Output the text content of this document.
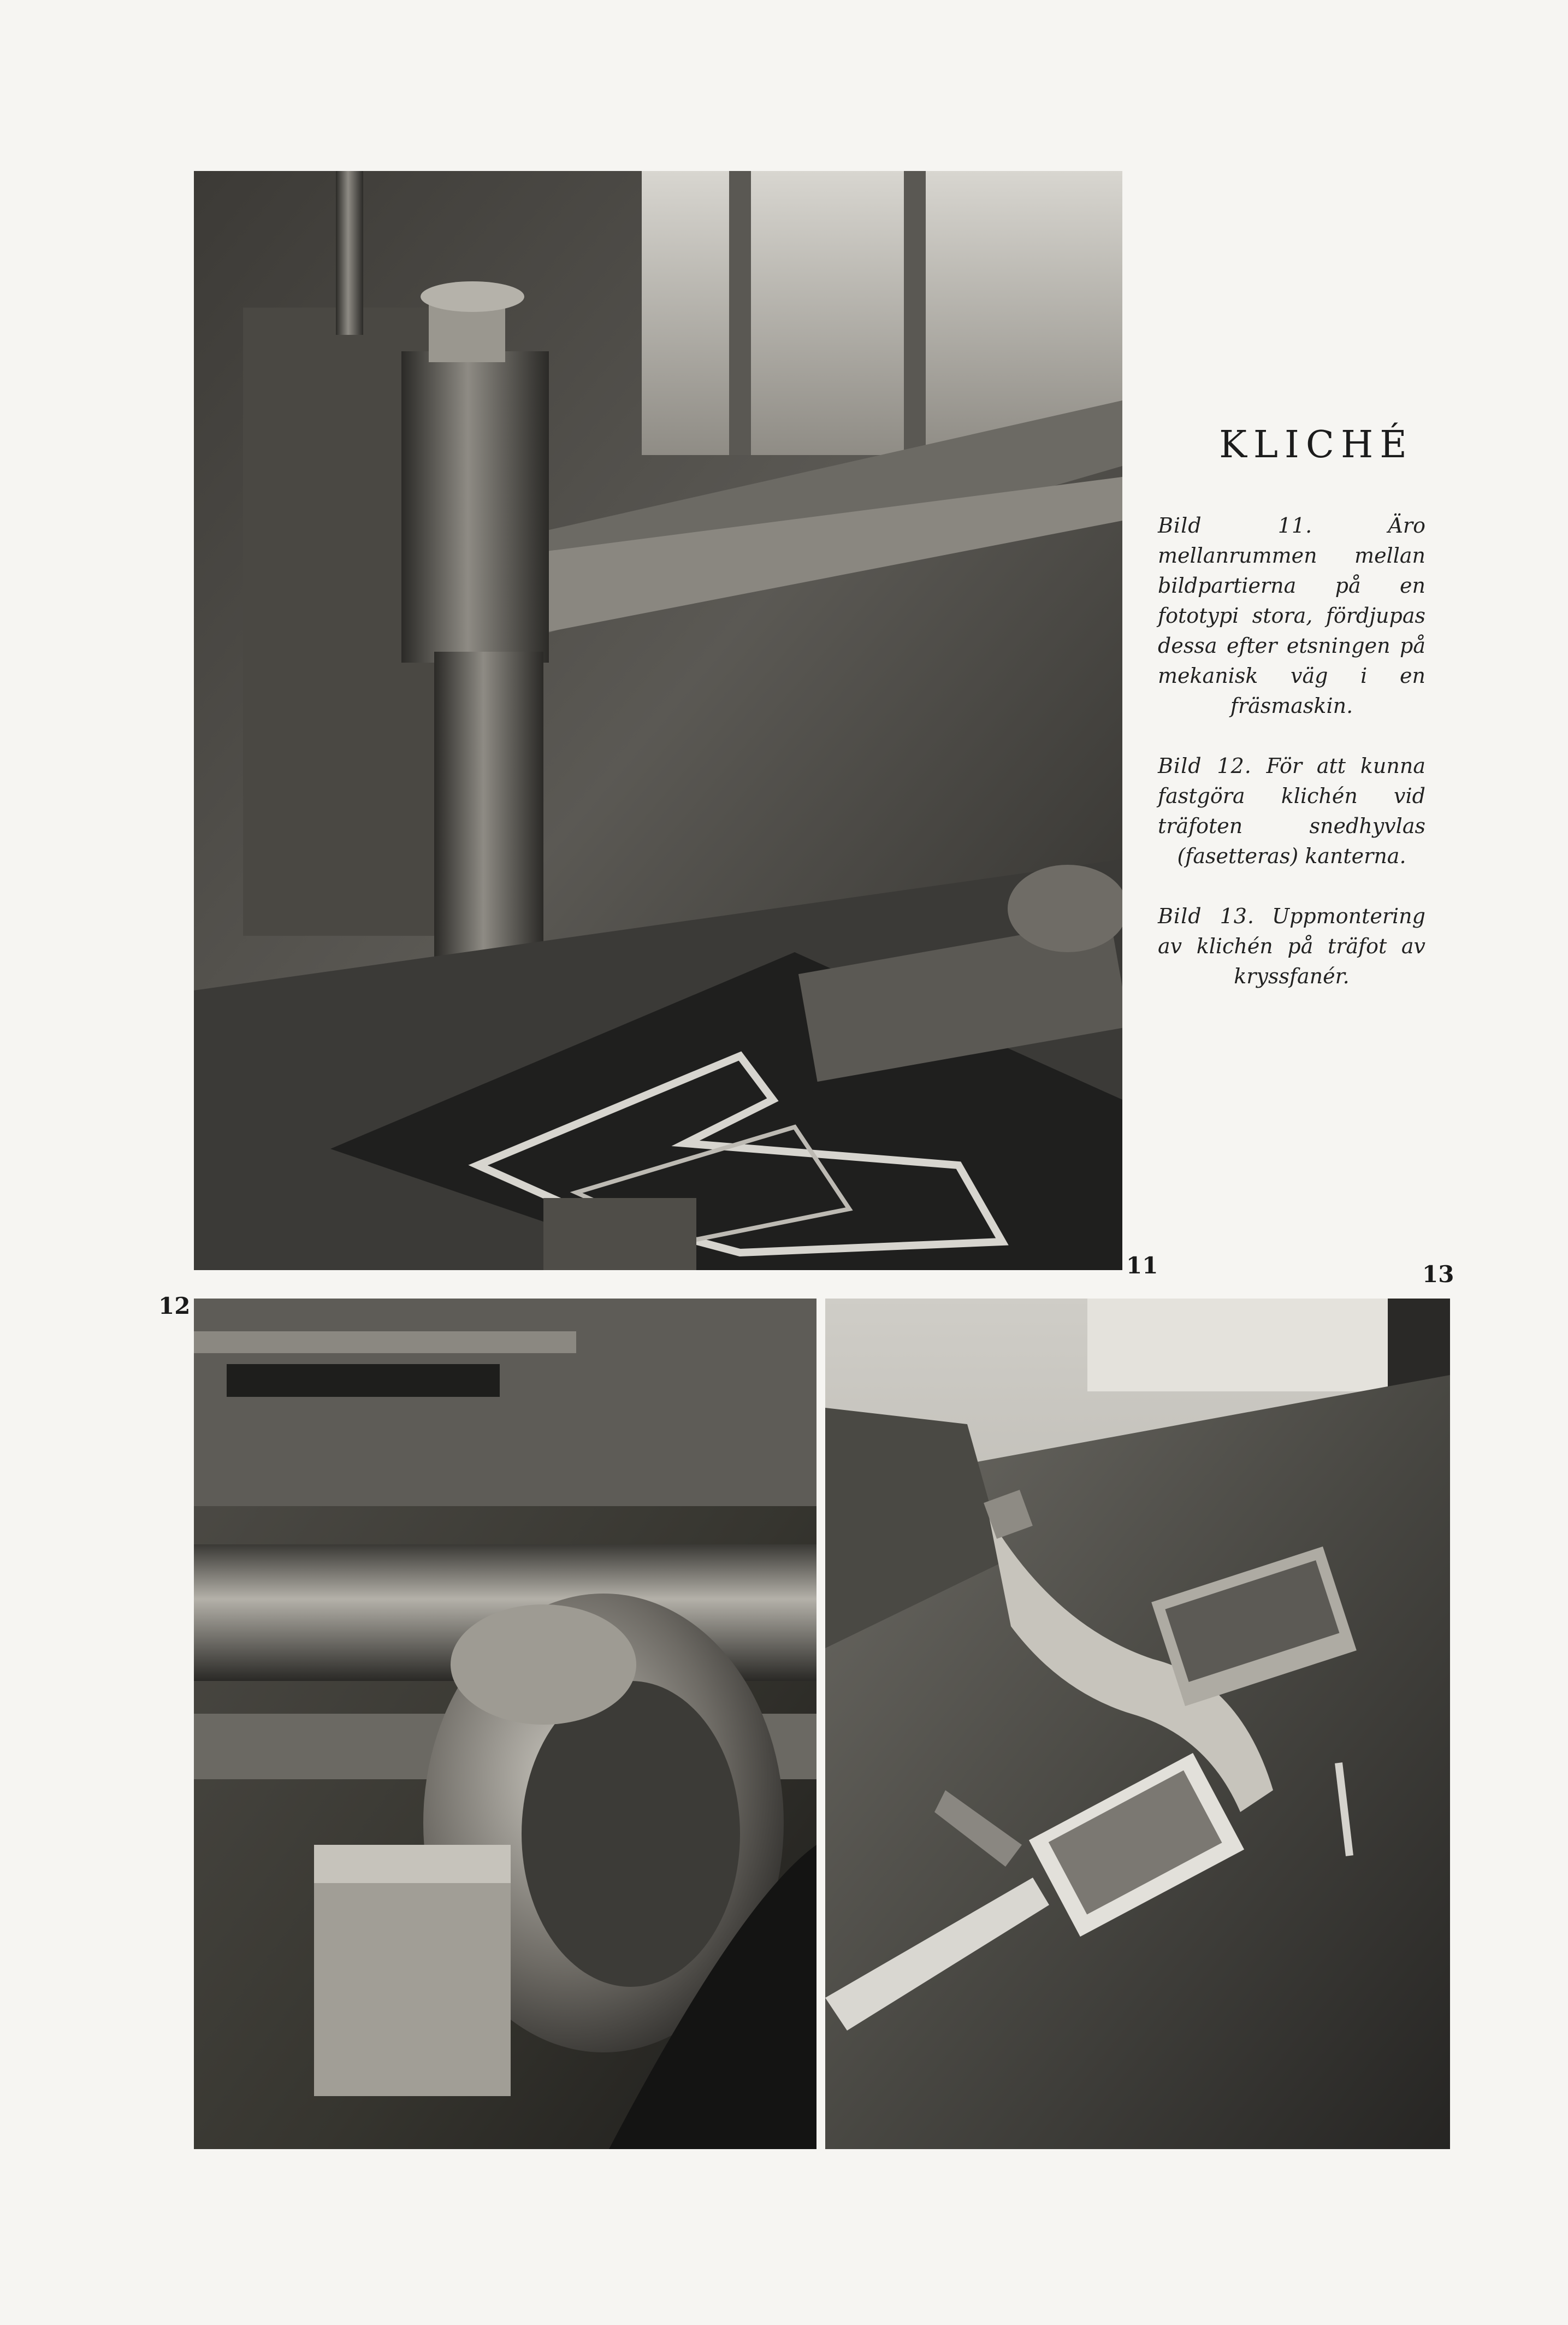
11
KLICHÉ

Bild 11.	Äro mellanrummen mellan bildpartierna på en fototypi stora, fördjupas dessa efter etsningen på mekanisk väg i en fräsmaskin.

Bild 12. För att kunna fastgöra klichén vid träfoten snedhyvlas (fasetteras) kanterna.

Bild 13. Uppmontering av klichén på träfot av kryssfanér.

12
13
